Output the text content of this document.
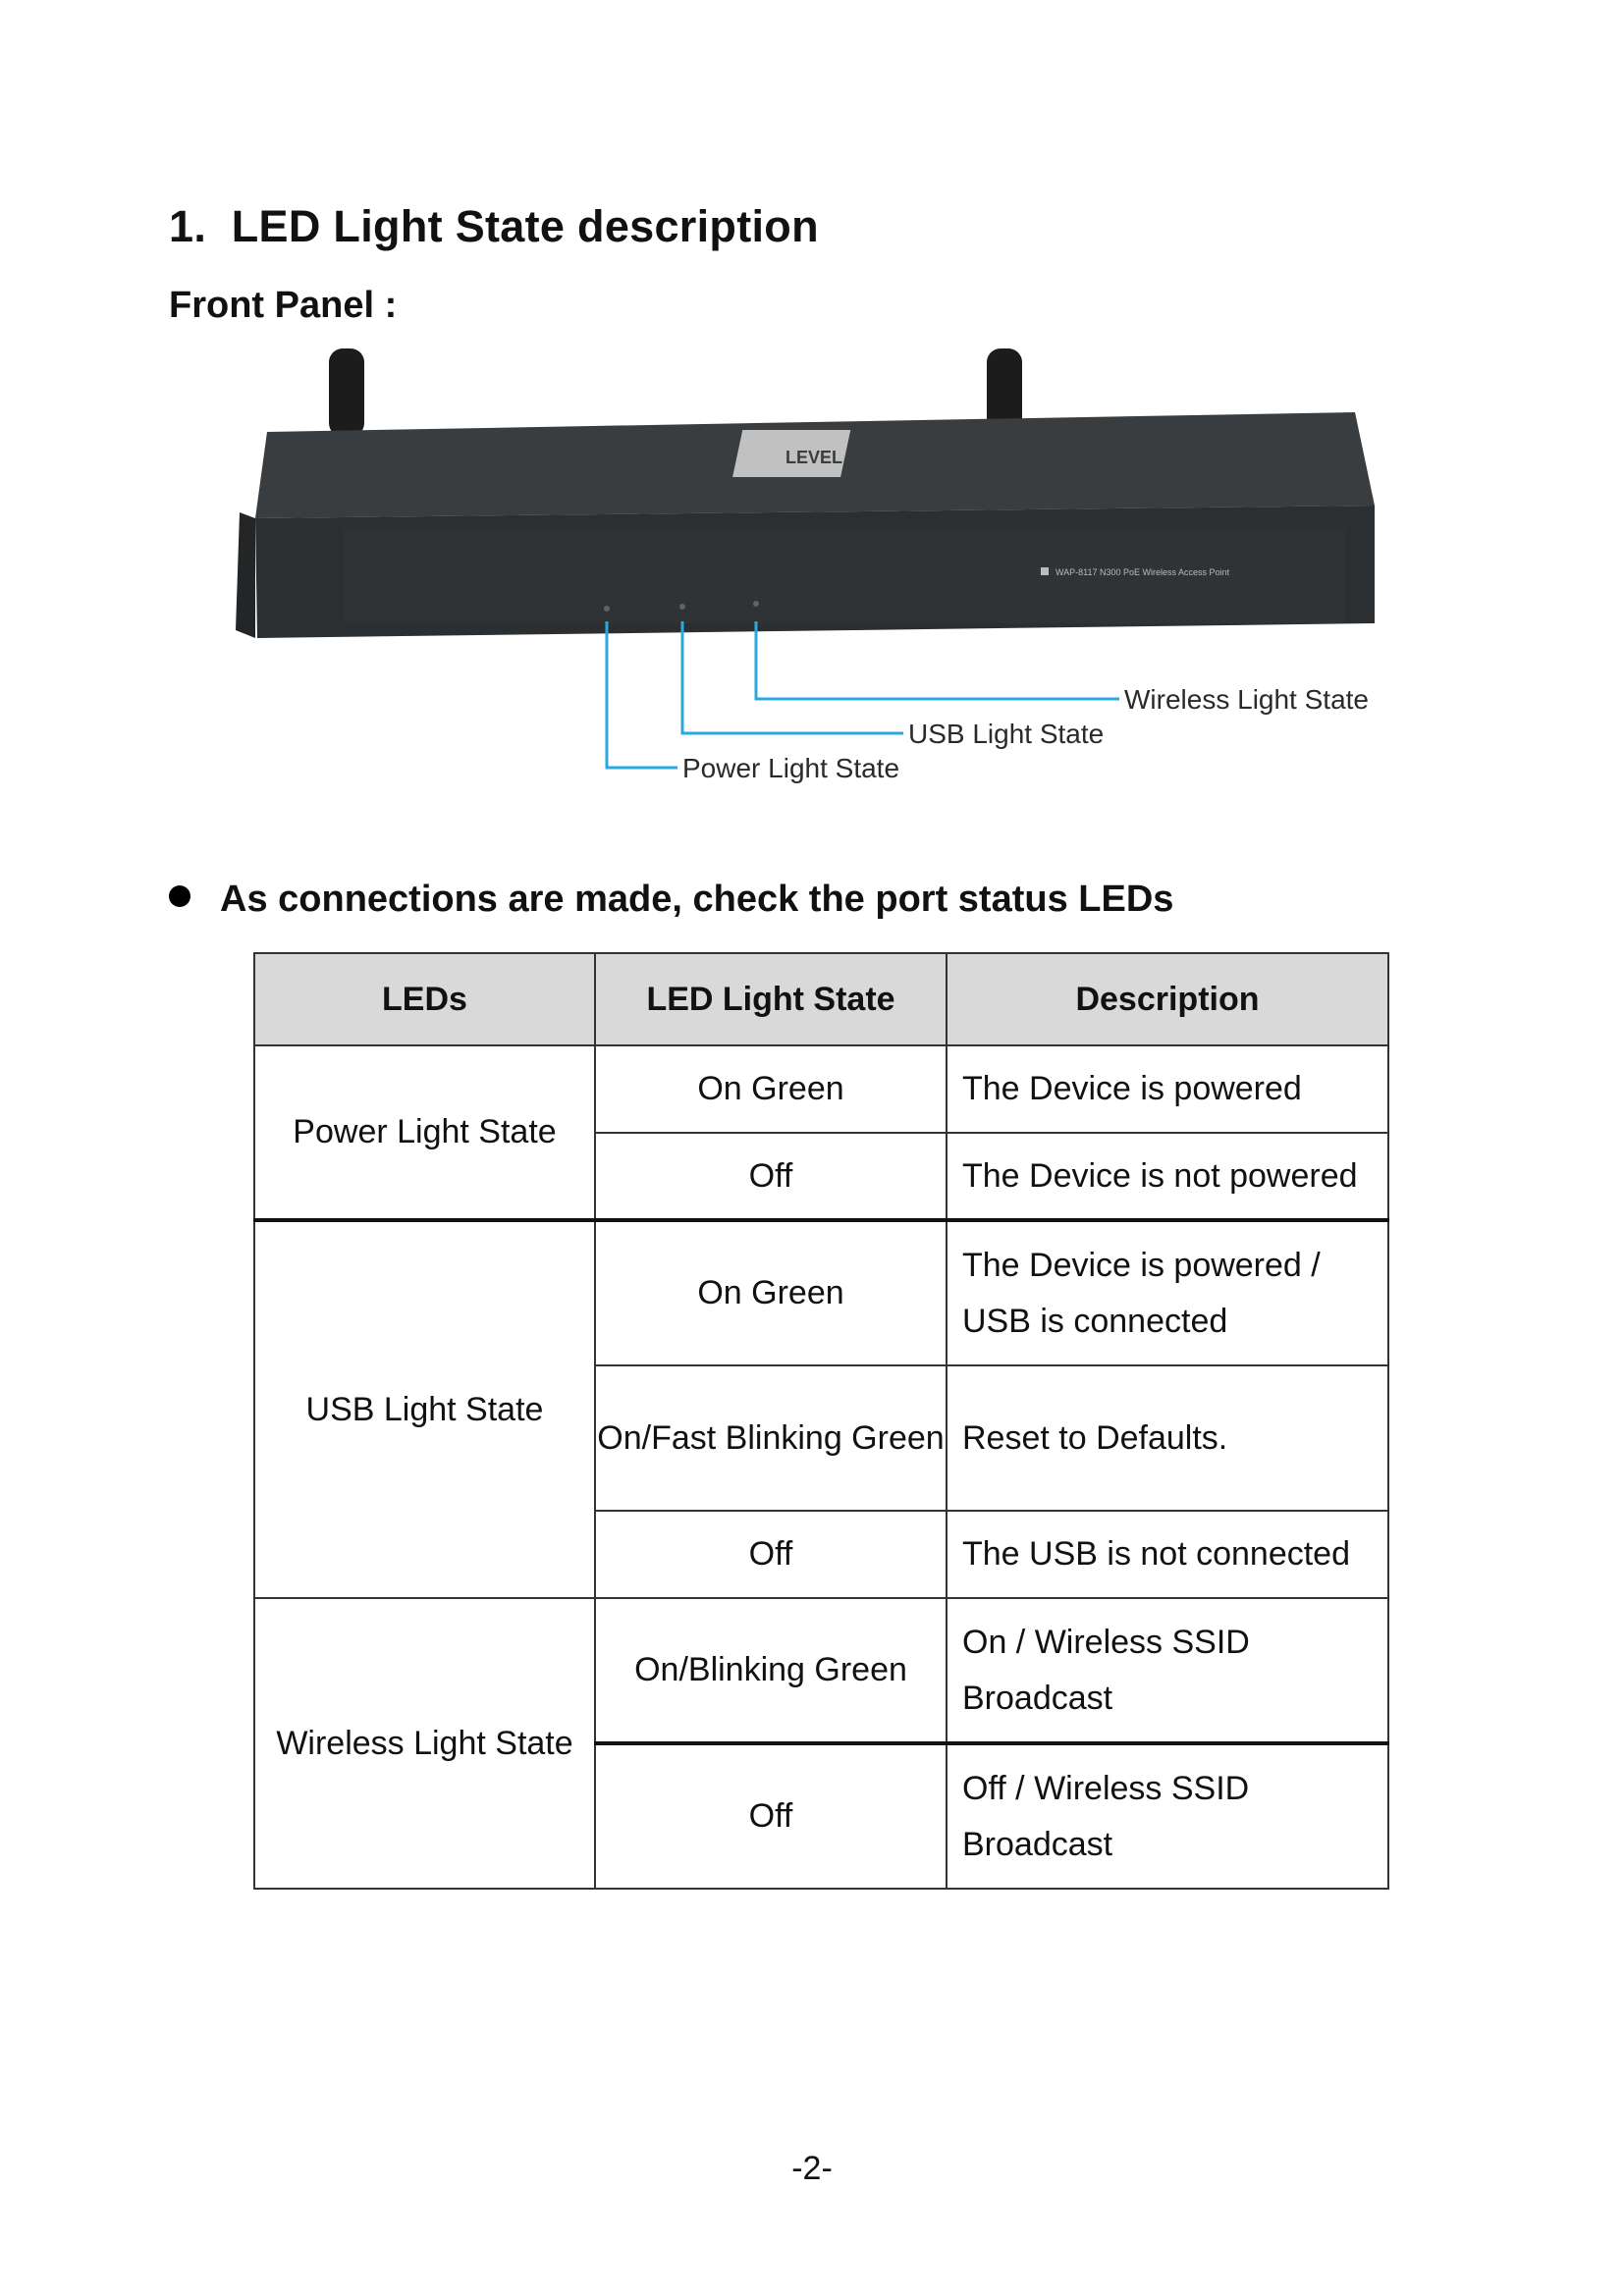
1.  LED Light State description
Front Panel :
LEVEL ONE
WAP-8117 N300 PoE Wireless Access Point
Wireless Light State
USB Light State
Power Light State
As connections are made, check the port status LEDs
LEDs	LED Light State	Description
Power Light State	On Green	The Device is powered
	Off	The Device is not powered
USB Light State	On Green	The Device is powered / USB is connected
	On/Fast Blinking Green	Reset to Defaults.
	Off	The USB is not connected
Wireless Light State	On/Blinking Green	On / Wireless SSID Broadcast
	Off	Off / Wireless SSID Broadcast
-2-
